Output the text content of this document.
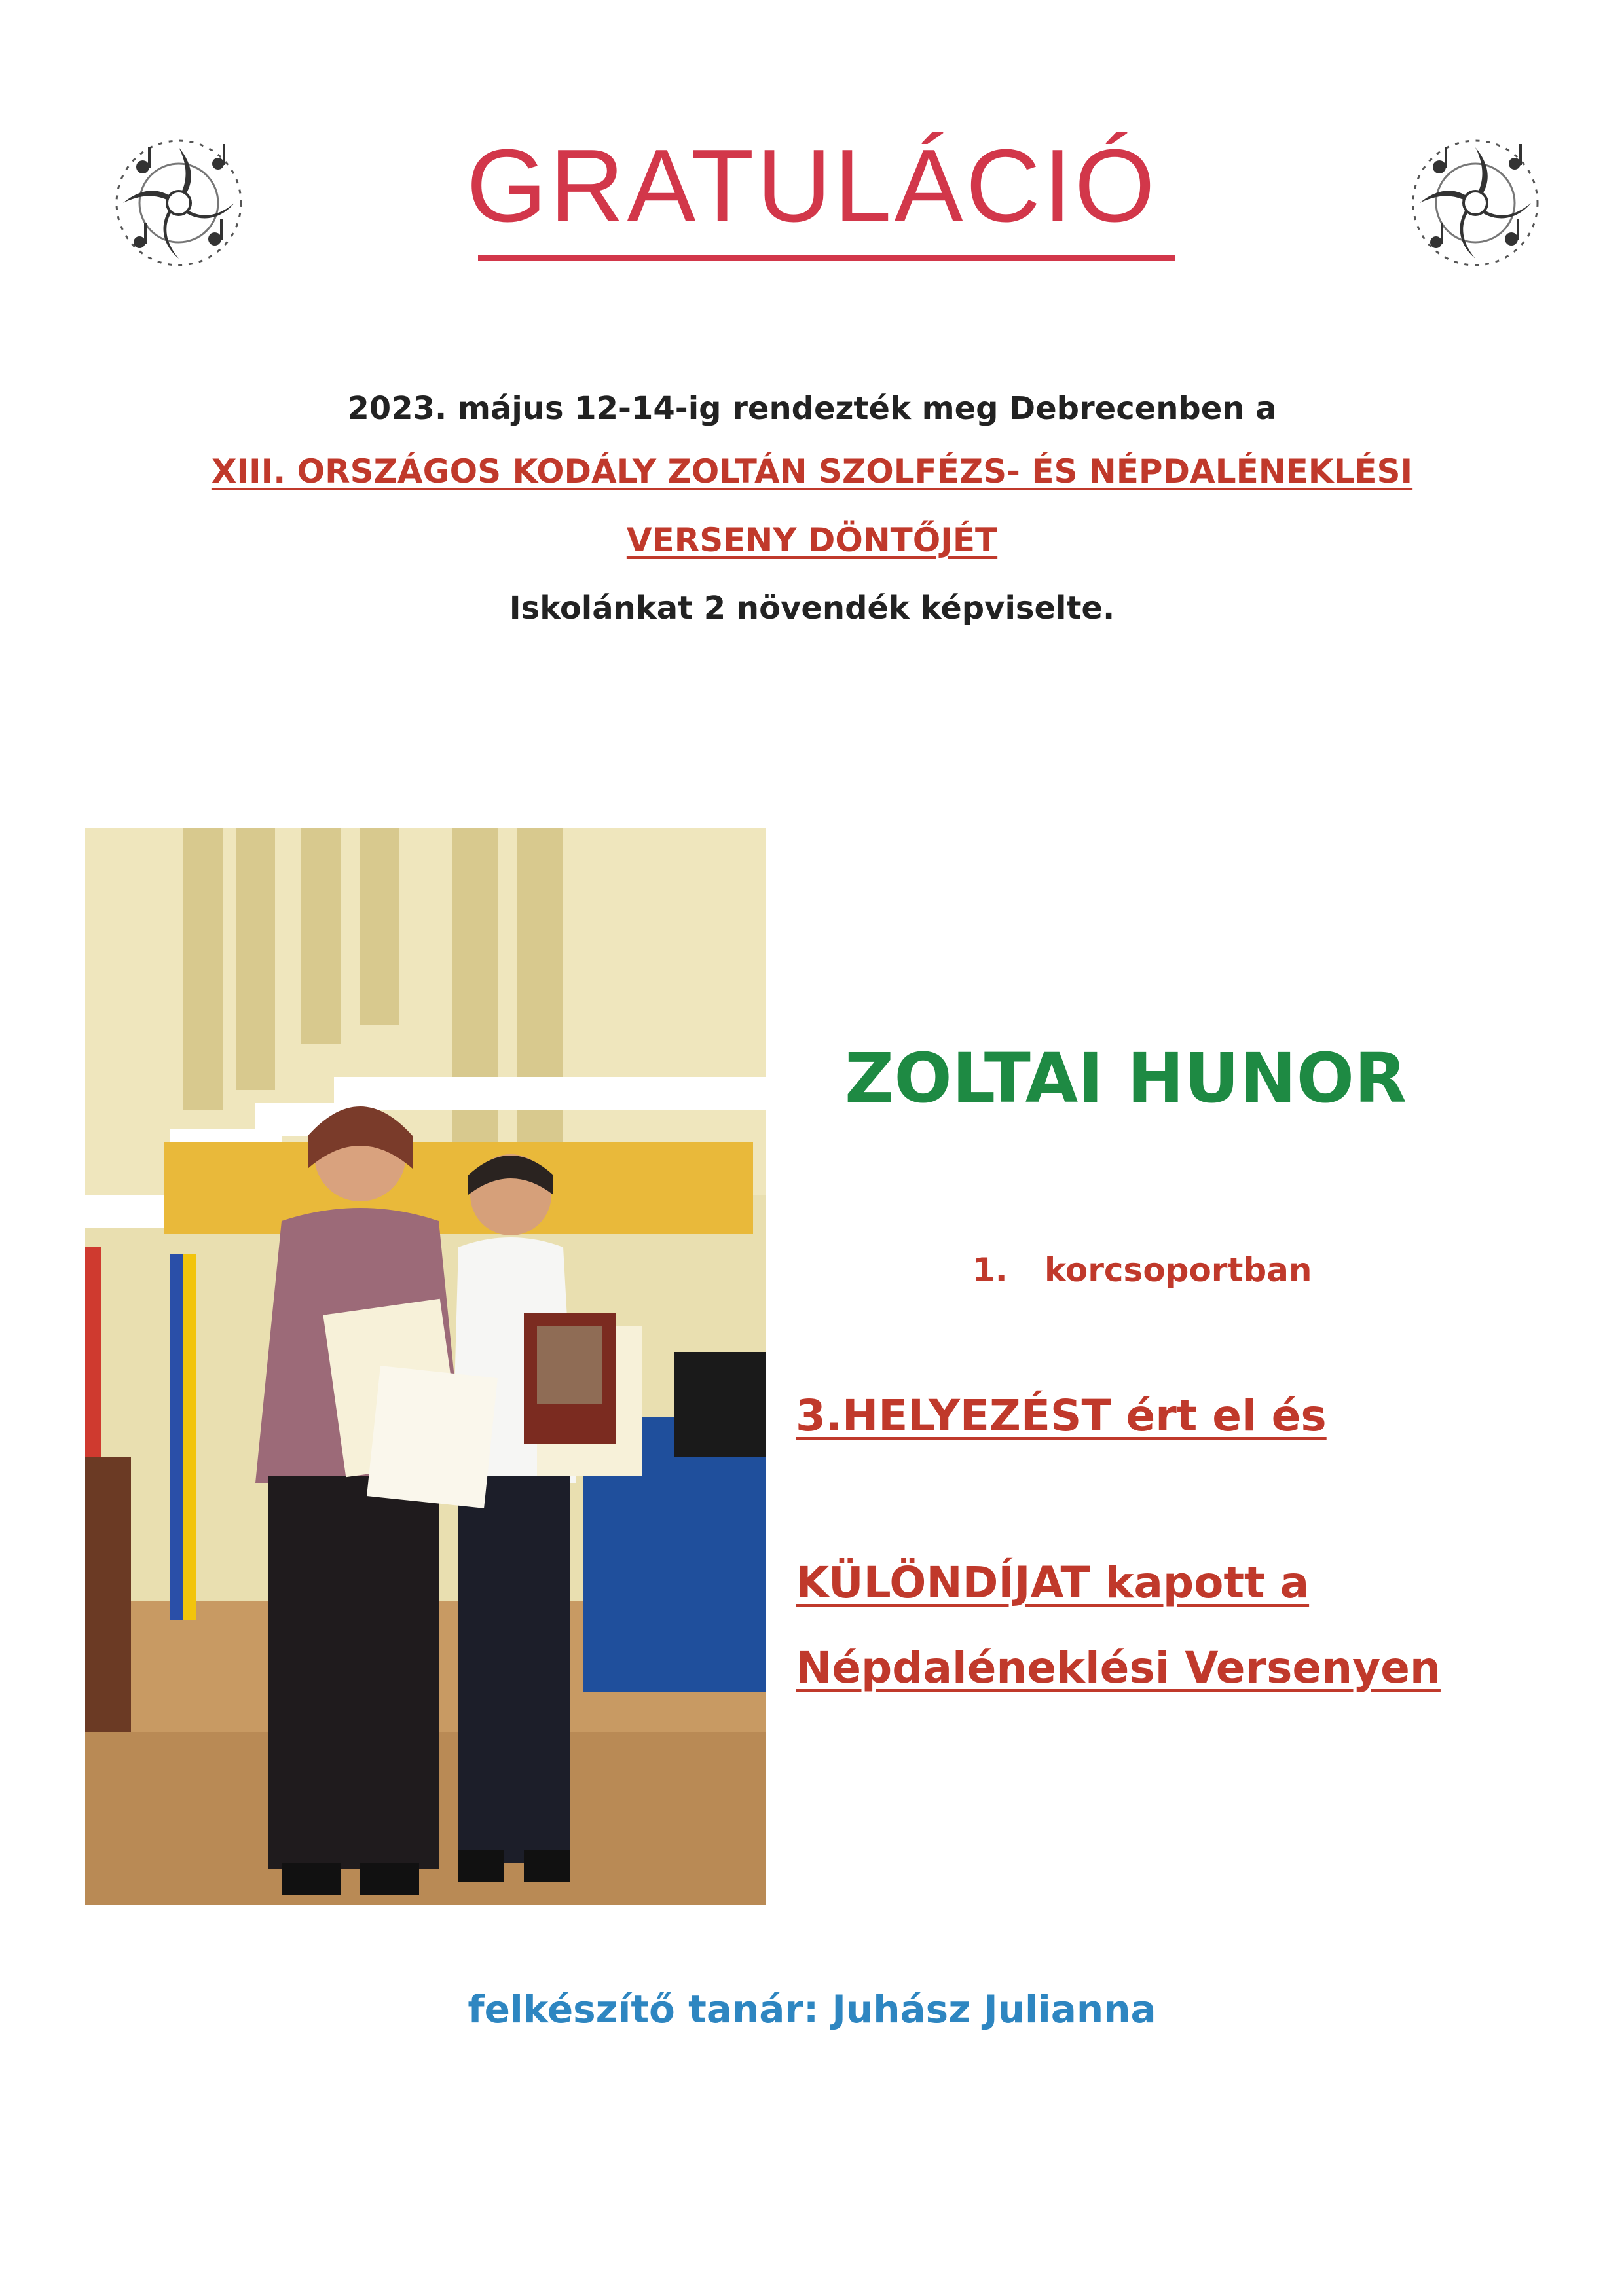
GRATULÁCIÓ
2023. május 12-14-ig rendezték meg Debrecenben a
XIII. ORSZÁGOS KODÁLY ZOLTÁN SZOLFÉZS- ÉS NÉPDALÉNEKLÉSI
VERSENY DÖNTŐJÉT
Iskolánkat 2 növendék képviselte.
ZOLTAI HUNOR
1. korcsoportban
3.HELYEZÉST ért el és
KÜLÖNDÍJAT kapott a
Népdaléneklési Versenyen
felkészítő tanár: Juhász Julianna
